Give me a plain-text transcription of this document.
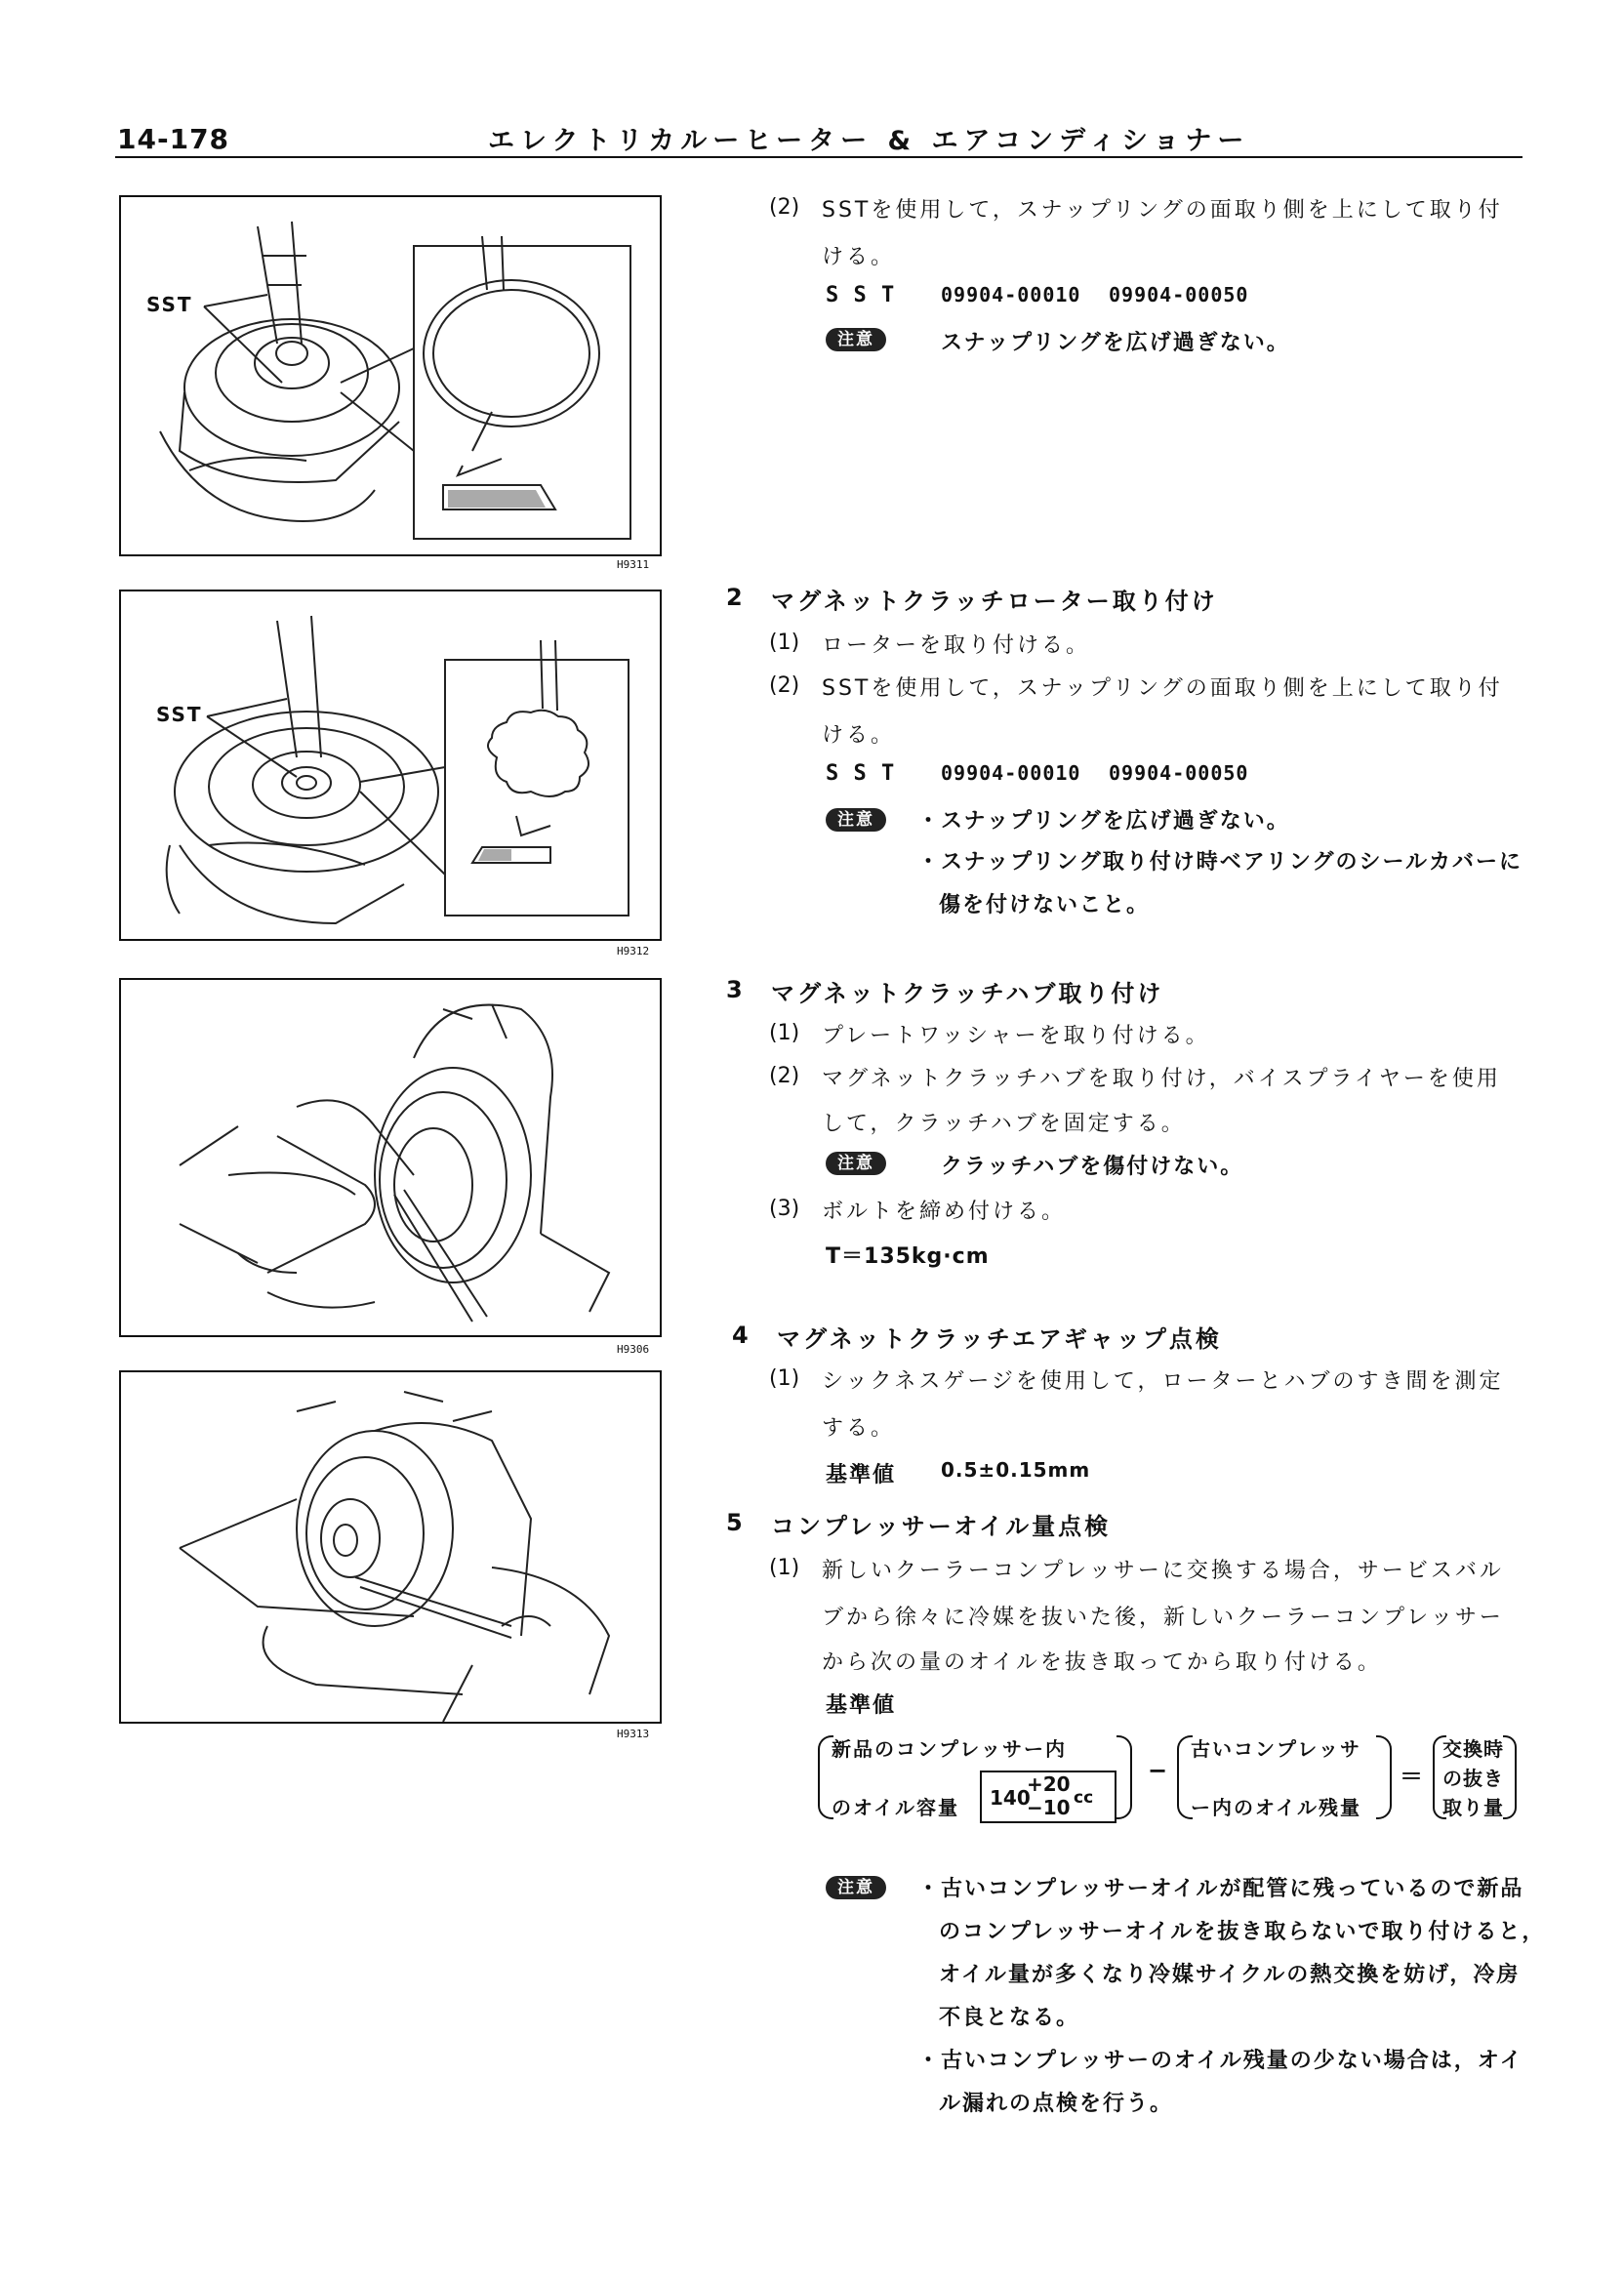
14-178	エレクトリカルーヒーター & エアコンディショナー
SST
H9311
SST
H9312
H9306
H9313
(2) SSTを使用して，スナップリングの面取り側を上にして取り付
ける。
S S T 09904-00010 09904-00050
注意	スナップリングを広げ過ぎない。
2 マグネットクラッチローター取り付け
(1) ローターを取り付ける。
(2) SSTを使用して，スナップリングの面取り側を上にして取り付
ける。
S S T 09904-00010 09904-00050
注意	・スナップリングを広げ過ぎない。
・スナップリング取り付け時ベアリングのシールカバーに
傷を付けないこと。
3 マグネットクラッチハブ取り付け
(1) プレートワッシャーを取り付ける。
(2) マグネットクラッチハブを取り付け，バイスプライヤーを使用
して，クラッチハブを固定する。
注意	クラッチハブを傷付けない。
(3) ボルトを締め付ける。
T＝135kg·cm
4 マグネットクラッチエアギャップ点検
(1) シックネスゲージを使用して，ローターとハブのすき間を測定
する。
基準値 0.5±0.15mm
5 コンプレッサーオイル量点検
(1) 新しいクーラーコンプレッサーに交換する場合，サービスバル
ブから徐々に冷媒を抜いた後，新しいクーラーコンプレッサー
から次の量のオイルを抜き取ってから取り付ける。
基準値
新品のコンプレッサー内
のオイル容量 140
+20
−10 cc
−
古いコンプレッサ
ー内のオイル残量
＝
交換時
の抜き
取り量
注意	・古いコンプレッサーオイルが配管に残っているので新品
のコンプレッサーオイルを抜き取らないで取り付けると，
オイル量が多くなり冷媒サイクルの熱交換を妨げ，冷房
不良となる。
・古いコンプレッサーのオイル残量の少ない場合は，オイ
ル漏れの点検を行う。
